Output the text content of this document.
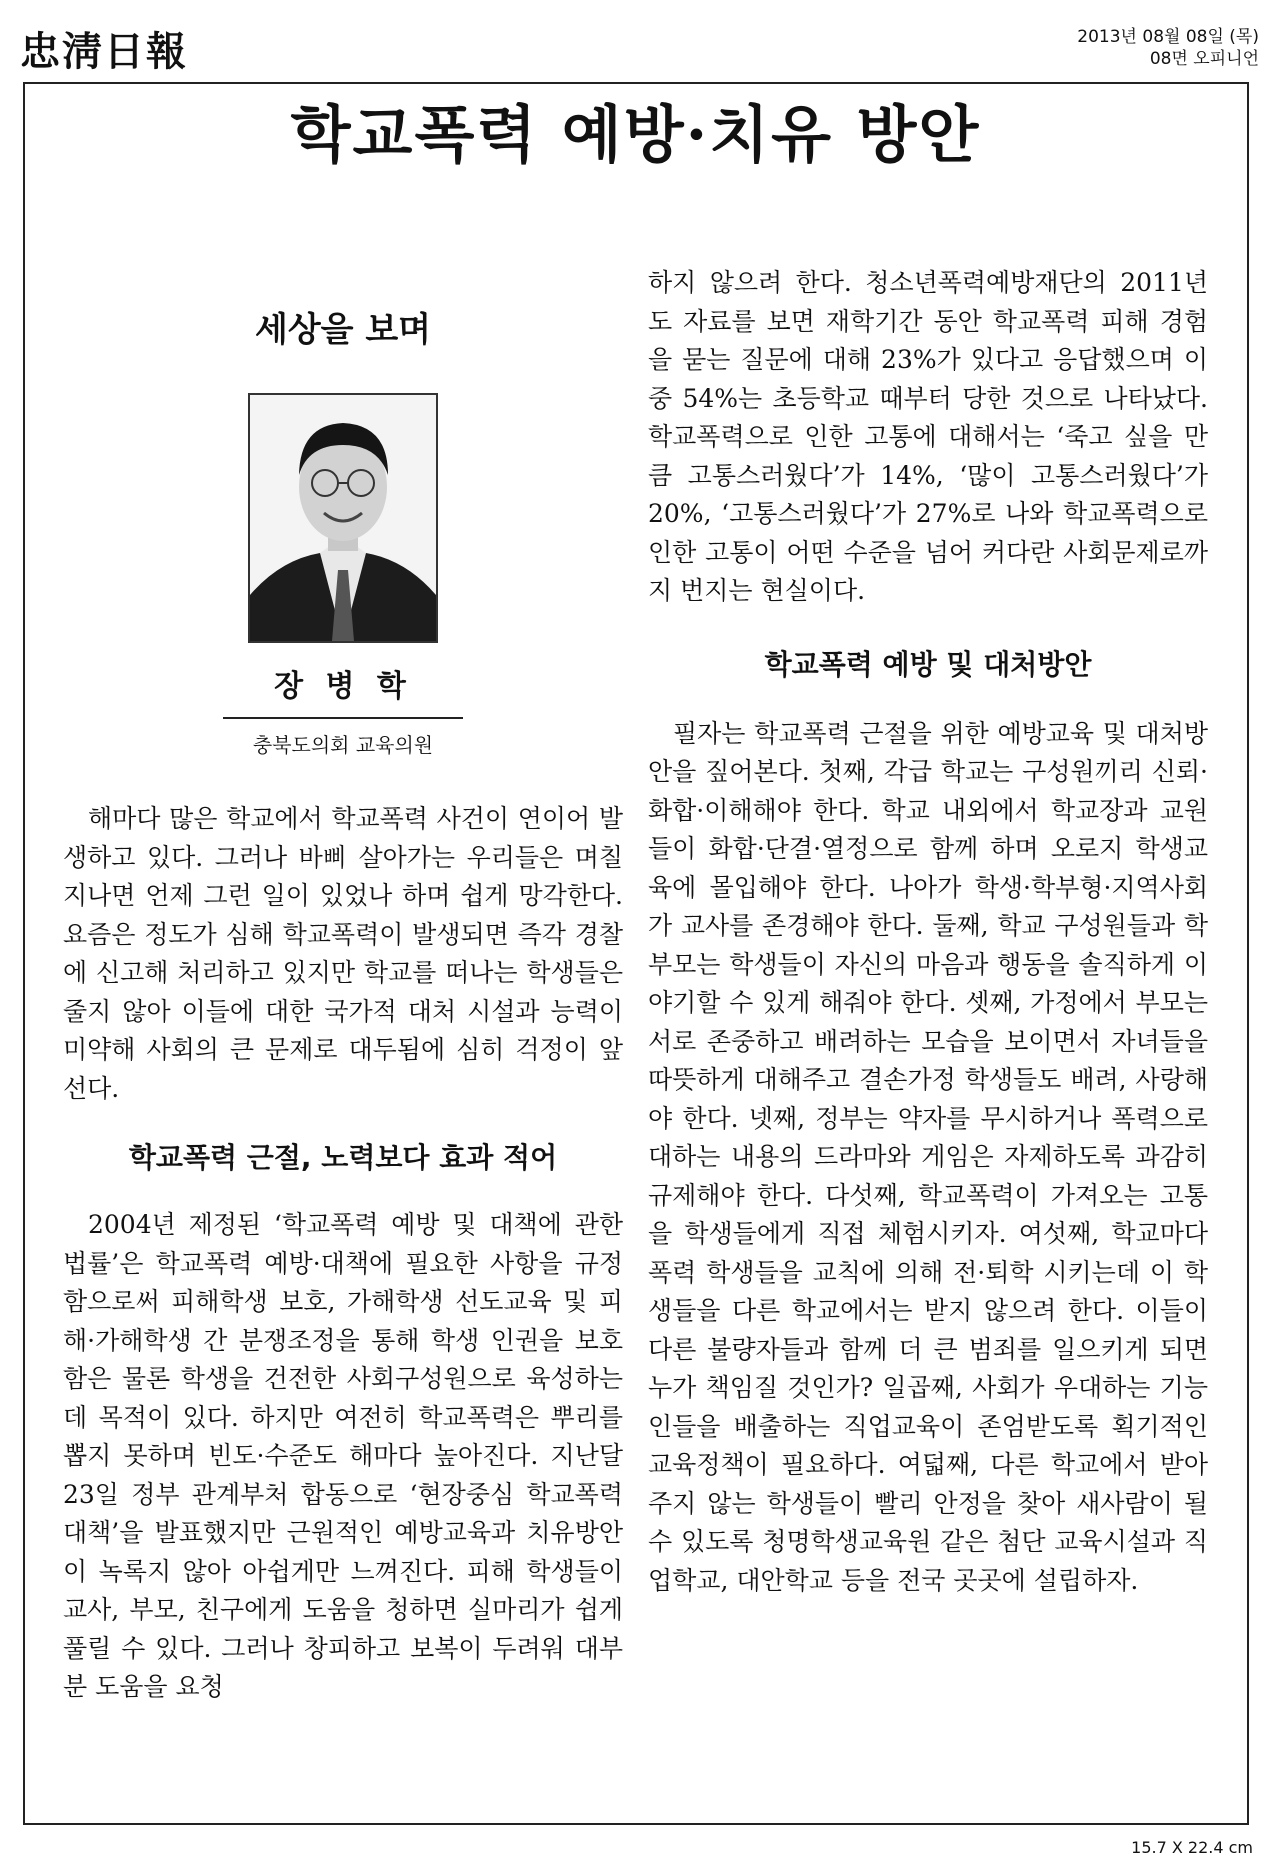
忠淸日報	2013년 08월 08일 (목)
08면 오피니언
학교폭력 예방·치유 방안
세상을 보며
장 병 학
충북도의회 교육의원

해마다 많은 학교에서 학교폭력 사건이 연이어 발생하고 있다. 그러나 바삐 살아가는 우리들은 며칠 지나면 언제 그런 일이 있었나 하며 쉽게 망각한다. 요즘은 정도가 심해 학교폭력이 발생되면 즉각 경찰에 신고해 처리하고 있지만 학교를 떠나는 학생들은 줄지 않아 이들에 대한 국가적 대처 시설과 능력이 미약해 사회의 큰 문제로 대두됨에 심히 걱정이 앞선다.

학교폭력 근절, 노력보다 효과 적어

2004년 제정된 ‘학교폭력 예방 및 대책에 관한 법률’은 학교폭력 예방·대책에 필요한 사항을 규정함으로써 피해학생 보호, 가해학생 선도교육 및 피해·가해학생 간 분쟁조정을 통해 학생 인권을 보호함은 물론 학생을 건전한 사회구성원으로 육성하는 데 목적이 있다. 하지만 여전히 학교폭력은 뿌리를 뽑지 못하며 빈도·수준도 해마다 높아진다. 지난달 23일 정부 관계부처 합동으로 ‘현장중심 학교폭력대책’을 발표했지만 근원적인 예방교육과 치유방안이 녹록지 않아 아쉽게만 느껴진다. 피해 학생들이 교사, 부모, 친구에게 도움을 청하면 실마리가 쉽게 풀릴 수 있다. 그러나 창피하고 보복이 두려워 대부분 도움을 요청

하지 않으려 한다. 청소년폭력예방재단의 2011년도 자료를 보면 재학기간 동안 학교폭력 피해 경험을 묻는 질문에 대해 23%가 있다고 응답했으며 이 중 54%는 초등학교 때부터 당한 것으로 나타났다. 학교폭력으로 인한 고통에 대해서는 ‘죽고 싶을 만큼 고통스러웠다’가 14%, ‘많이 고통스러웠다’가 20%, ‘고통스러웠다’가 27%로 나와 학교폭력으로 인한 고통이 어떤 수준을 넘어 커다란 사회문제로까지 번지는 현실이다.

학교폭력 예방 및 대처방안

필자는 학교폭력 근절을 위한 예방교육 및 대처방안을 짚어본다. 첫째, 각급 학교는 구성원끼리 신뢰·화합·이해해야 한다. 학교 내외에서 학교장과 교원들이 화합·단결·열정으로 함께 하며 오로지 학생교육에 몰입해야 한다. 나아가 학생·학부형·지역사회가 교사를 존경해야 한다. 둘째, 학교 구성원들과 학부모는 학생들이 자신의 마음과 행동을 솔직하게 이야기할 수 있게 해줘야 한다. 셋째, 가정에서 부모는 서로 존중하고 배려하는 모습을 보이면서 자녀들을 따뜻하게 대해주고 결손가정 학생들도 배려, 사랑해야 한다. 넷째, 정부는 약자를 무시하거나 폭력으로 대하는 내용의 드라마와 게임은 자제하도록 과감히 규제해야 한다. 다섯째, 학교폭력이 가져오는 고통을 학생들에게 직접 체험시키자. 여섯째, 학교마다 폭력 학생들을 교칙에 의해 전·퇴학 시키는데 이 학생들을 다른 학교에서는 받지 않으려 한다. 이들이 다른 불량자들과 함께 더 큰 범죄를 일으키게 되면 누가 책임질 것인가? 일곱째, 사회가 우대하는 기능인들을 배출하는 직업교육이 존엄받도록 획기적인 교육정책이 필요하다. 여덟째, 다른 학교에서 받아주지 않는 학생들이 빨리 안정을 찾아 새사람이 될 수 있도록 청명학생교육원 같은 첨단 교육시설과 직업학교, 대안학교 등을 전국 곳곳에 설립하자.

15.7 X 22.4 cm
